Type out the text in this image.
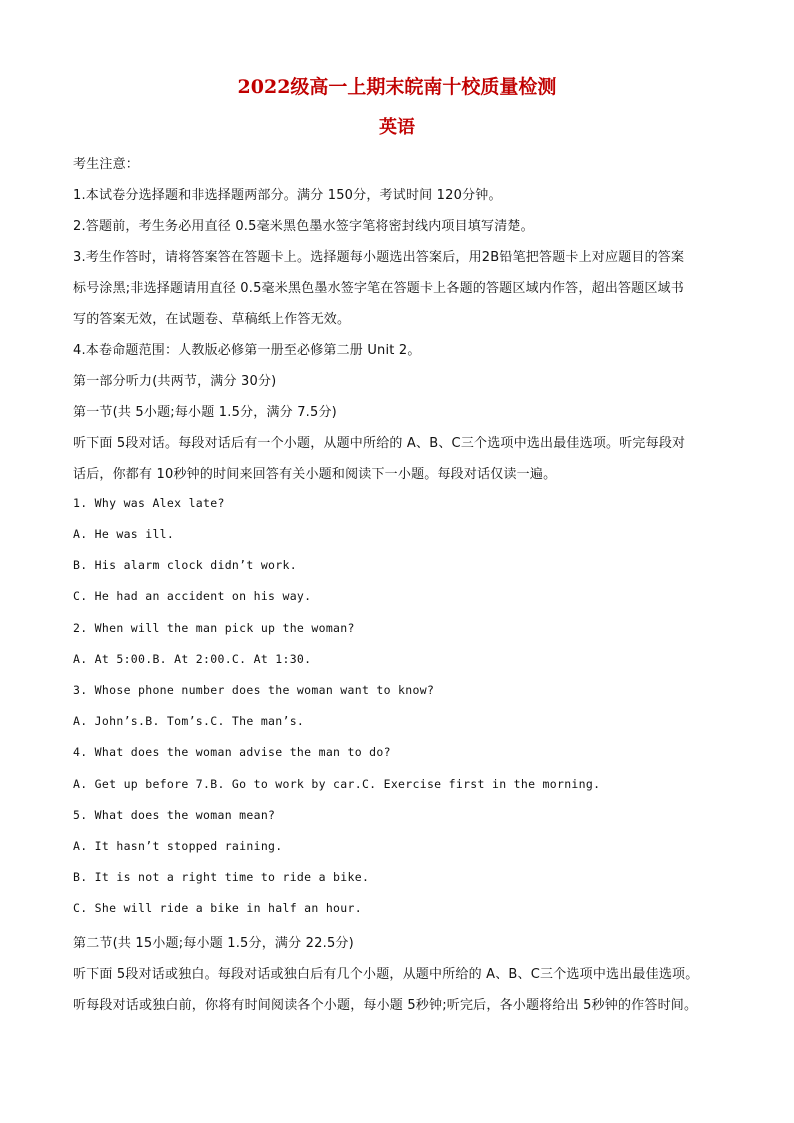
2022级高一上期末皖南十校质量检测
英语
考生注意：
1.本试卷分选择题和非选择题两部分。满分 150分，考试时间 120分钟。
2.答题前，考生务必用直径 0.5毫米黑色墨水签字笔将密封线内项目填写清楚。
3.考生作答时，请将答案答在答题卡上。选择题每小题选出答案后，用2B铅笔把答题卡上对应题目的答案
标号涂黑;非选择题请用直径 0.5毫米黑色墨水签字笔在答题卡上各题的答题区域内作答，超出答题区域书
写的答案无效，在试题卷、草稿纸上作答无效。
4.本卷命题范围：人教版必修第一册至必修第二册 Unit 2。
第一部分听力(共两节，满分 30分)
第一节(共 5小题;每小题 1.5分，满分 7.5分)
听下面 5段对话。每段对话后有一个小题，从题中所给的 A、B、C三个选项中选出最佳选项。听完每段对
话后，你都有 10秒钟的时间来回答有关小题和阅读下一小题。每段对话仅读一遍。
1. Why was Alex late?
A. He was ill.
B. His alarm clock didn’t work.
C. He had an accident on his way.
2. When will the man pick up the woman?
A. At 5:00.B. At 2:00.C. At 1:30.
3. Whose phone number does the woman want to know?
A. John’s.B. Tom’s.C. The man’s.
4. What does the woman advise the man to do?
A. Get up before 7.B. Go to work by car.C. Exercise first in the morning.
5. What does the woman mean?
A. It hasn’t stopped raining.
B. It is not a right time to ride a bike.
C. She will ride a bike in half an hour.
第二节(共 15小题;每小题 1.5分，满分 22.5分)
听下面 5段对话或独白。每段对话或独白后有几个小题，从题中所给的 A、B、C三个选项中选出最佳选项。
听每段对话或独白前，你将有时间阅读各个小题，每小题 5秒钟;听完后，各小题将给出 5秒钟的作答时间。
